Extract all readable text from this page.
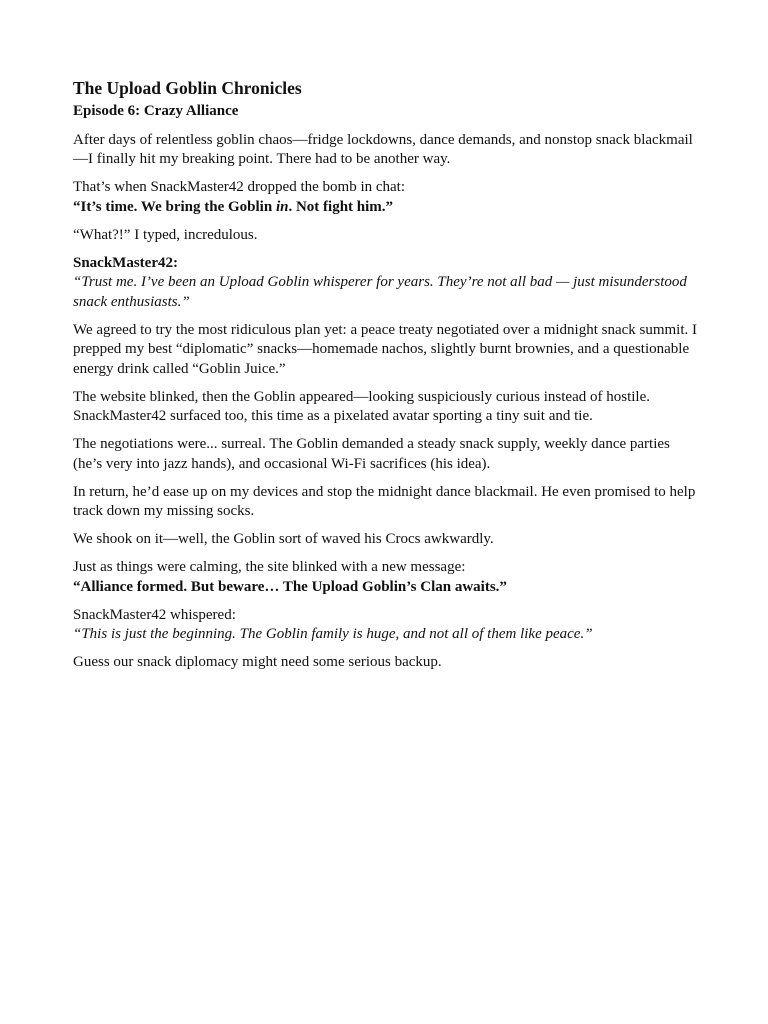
The Upload Goblin Chronicles
Episode 6: Crazy Alliance
After days of relentless goblin chaos—fridge lockdowns, dance demands, and nonstop snack blackmail—I finally hit my breaking point. There had to be another way.
That’s when SnackMaster42 dropped the bomb in chat:
“It’s time. We bring the Goblin in. Not fight him.”
“What?!” I typed, incredulous.
SnackMaster42:
“Trust me. I’ve been an Upload Goblin whisperer for years. They’re not all bad — just misunderstood snack enthusiasts.”
We agreed to try the most ridiculous plan yet: a peace treaty negotiated over a midnight snack summit. I prepped my best “diplomatic” snacks—homemade nachos, slightly burnt brownies, and a questionable energy drink called “Goblin Juice.”
The website blinked, then the Goblin appeared—looking suspiciously curious instead of hostile. SnackMaster42 surfaced too, this time as a pixelated avatar sporting a tiny suit and tie.
The negotiations were... surreal. The Goblin demanded a steady snack supply, weekly dance parties (he’s very into jazz hands), and occasional Wi-Fi sacrifices (his idea).
In return, he’d ease up on my devices and stop the midnight dance blackmail. He even promised to help track down my missing socks.
We shook on it—well, the Goblin sort of waved his Crocs awkwardly.
Just as things were calming, the site blinked with a new message:
“Alliance formed. But beware… The Upload Goblin’s Clan awaits.”
SnackMaster42 whispered:
“This is just the beginning. The Goblin family is huge, and not all of them like peace.”
Guess our snack diplomacy might need some serious backup.
